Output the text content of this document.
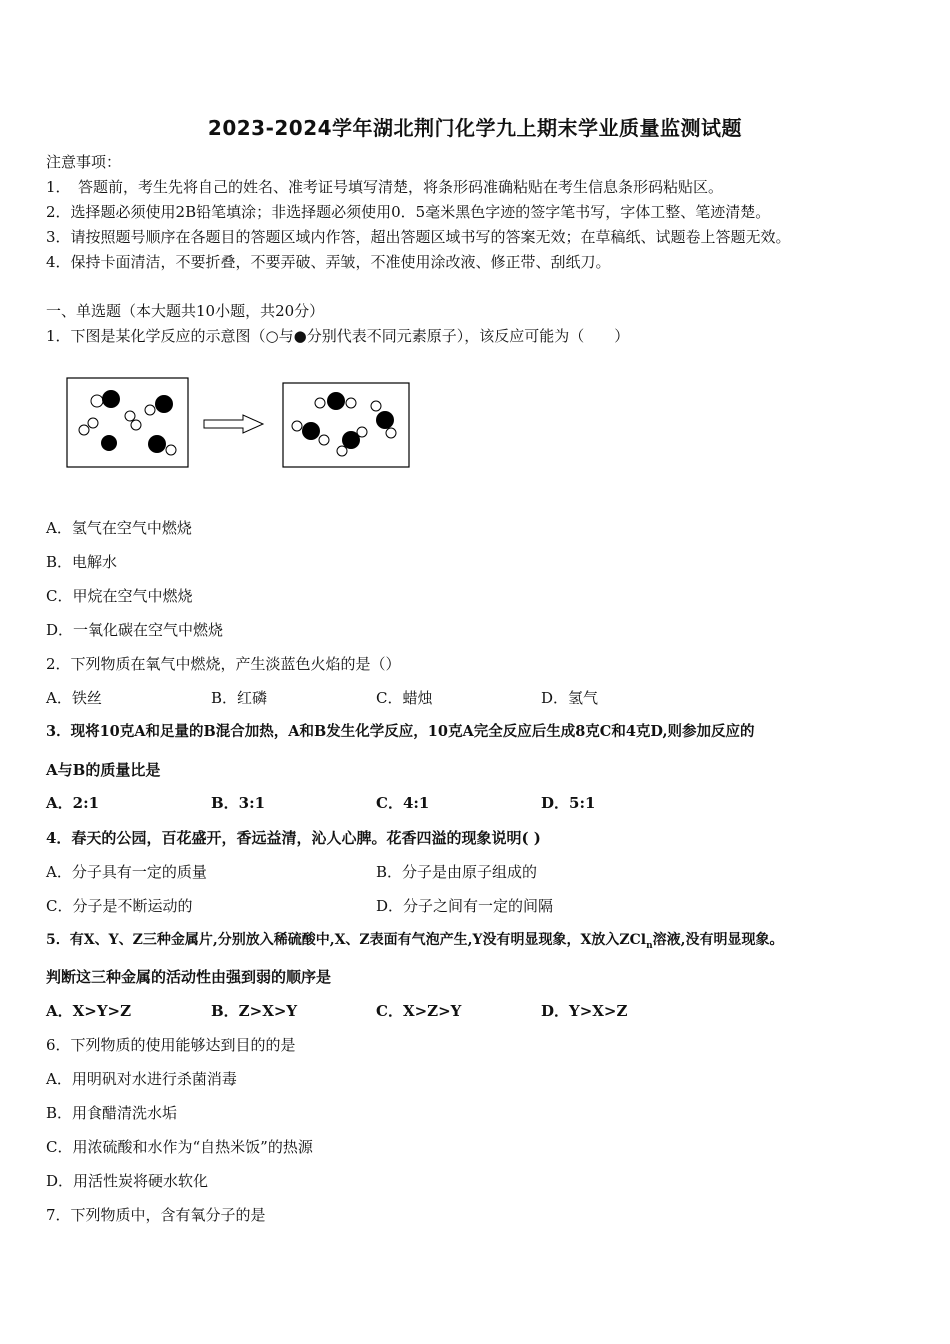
2023-2024学年湖北荆门化学九上期末学业质量监测试题
注意事项：
1．　答题前，考生先将自己的姓名、准考证号填写清楚，将条形码准确粘贴在考生信息条形码粘贴区。
2．选择题必须使用2B铅笔填涂；非选择题必须使用0．5毫米黑色字迹的签字笔书写，字体工整、笔迹清楚。
3．请按照题号顺序在各题目的答题区域内作答，超出答题区域书写的答案无效；在草稿纸、试题卷上答题无效。
4．保持卡面清洁，不要折叠，不要弄破、弄皱，不准使用涂改液、修正带、刮纸刀。
一、单选题（本大题共10小题，共20分）
1．下图是某化学反应的示意图（○与●分别代表不同元素原子），该反应可能为（　　）
A．氢气在空气中燃烧
B．电解水
C．甲烷在空气中燃烧
D．一氧化碳在空气中燃烧
2．下列物质在氧气中燃烧，产生淡蓝色火焰的是（）
A．铁丝	B．红磷	C．蜡烛	D．氢气
3．现将10克A和足量的B混合加热，A和B发生化学反应，10克A完全反应后生成8克C和4克D,则参加反应的
A与B的质量比是
A．2:1	B．3:1	C．4:1	D．5:1
4．春天的公园，百花盛开，香远益清，沁人心脾。花香四溢的现象说明( )
A．分子具有一定的质量	B．分子是由原子组成的
C．分子是不断运动的	D．分子之间有一定的间隔
5．有X、Y、Z三种金属片,分别放入稀硫酸中,X、Z表面有气泡产生,Y没有明显现象，X放入ZCl$_n$溶液,没有明显现象。
判断这三种金属的活动性由强到弱的顺序是
A．X>Y>Z	B．Z>X>Y	C．X>Z>Y	D．Y>X>Z
6．下列物质的使用能够达到目的的是
A．用明矾对水进行杀菌消毒
B．用食醋清洗水垢
C．用浓硫酸和水作为“自热米饭”的热源
D．用活性炭将硬水软化
7．下列物质中，含有氧分子的是
